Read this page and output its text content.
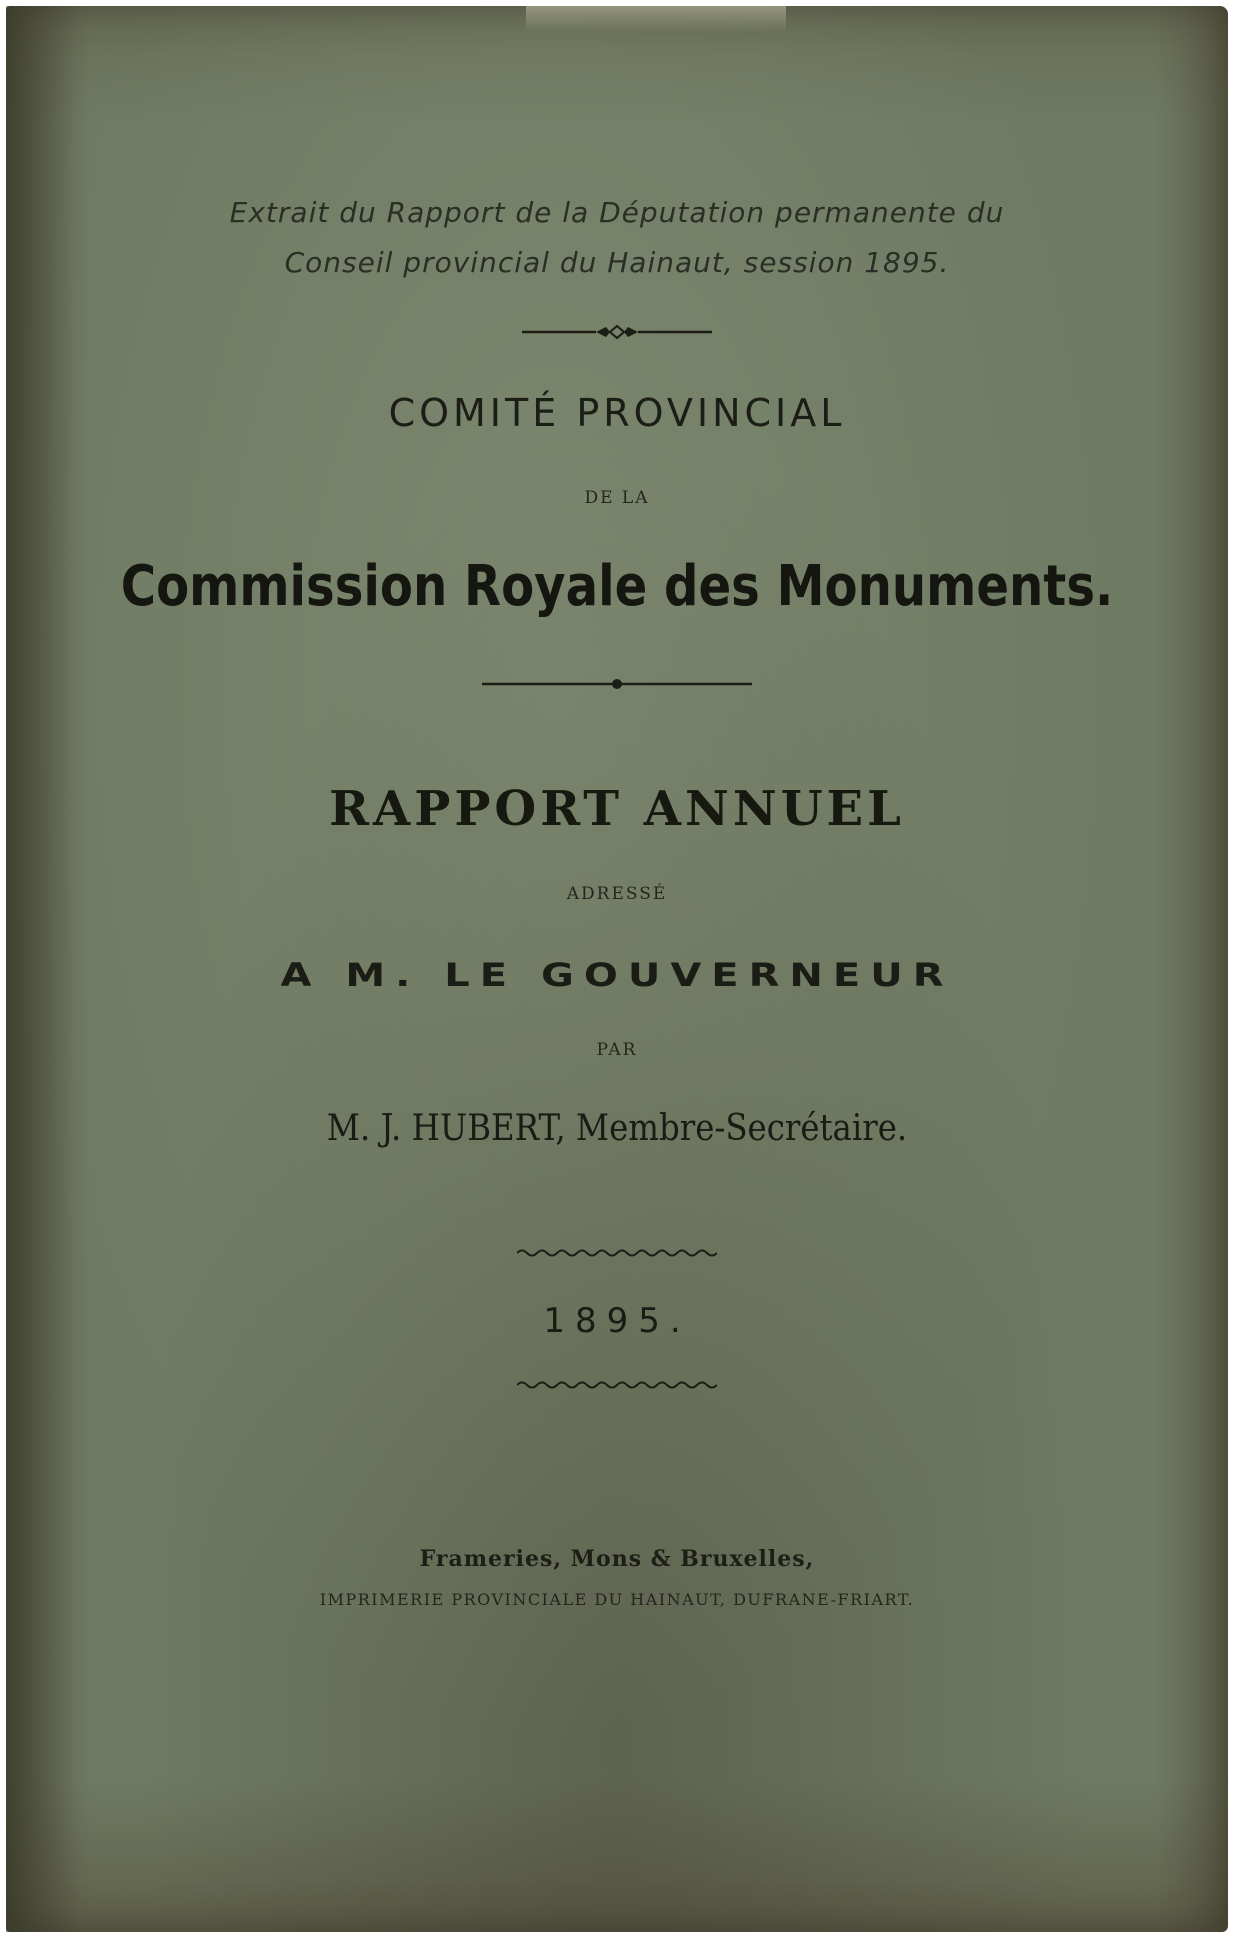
Extrait du Rapport de la Députation permanente du
Conseil provincial du Hainaut, session 1895.
COMITÉ PROVINCIAL
DE LA
Commission Royale des Monuments.
RAPPORT ANNUEL
ADRESSÉ
A M. LE GOUVERNEUR
PAR
M. J. HUBERT, Membre-Secrétaire.
1895.
Frameries, Mons & Bruxelles,
IMPRIMERIE PROVINCIALE DU HAINAUT, DUFRANE-FRIART.
